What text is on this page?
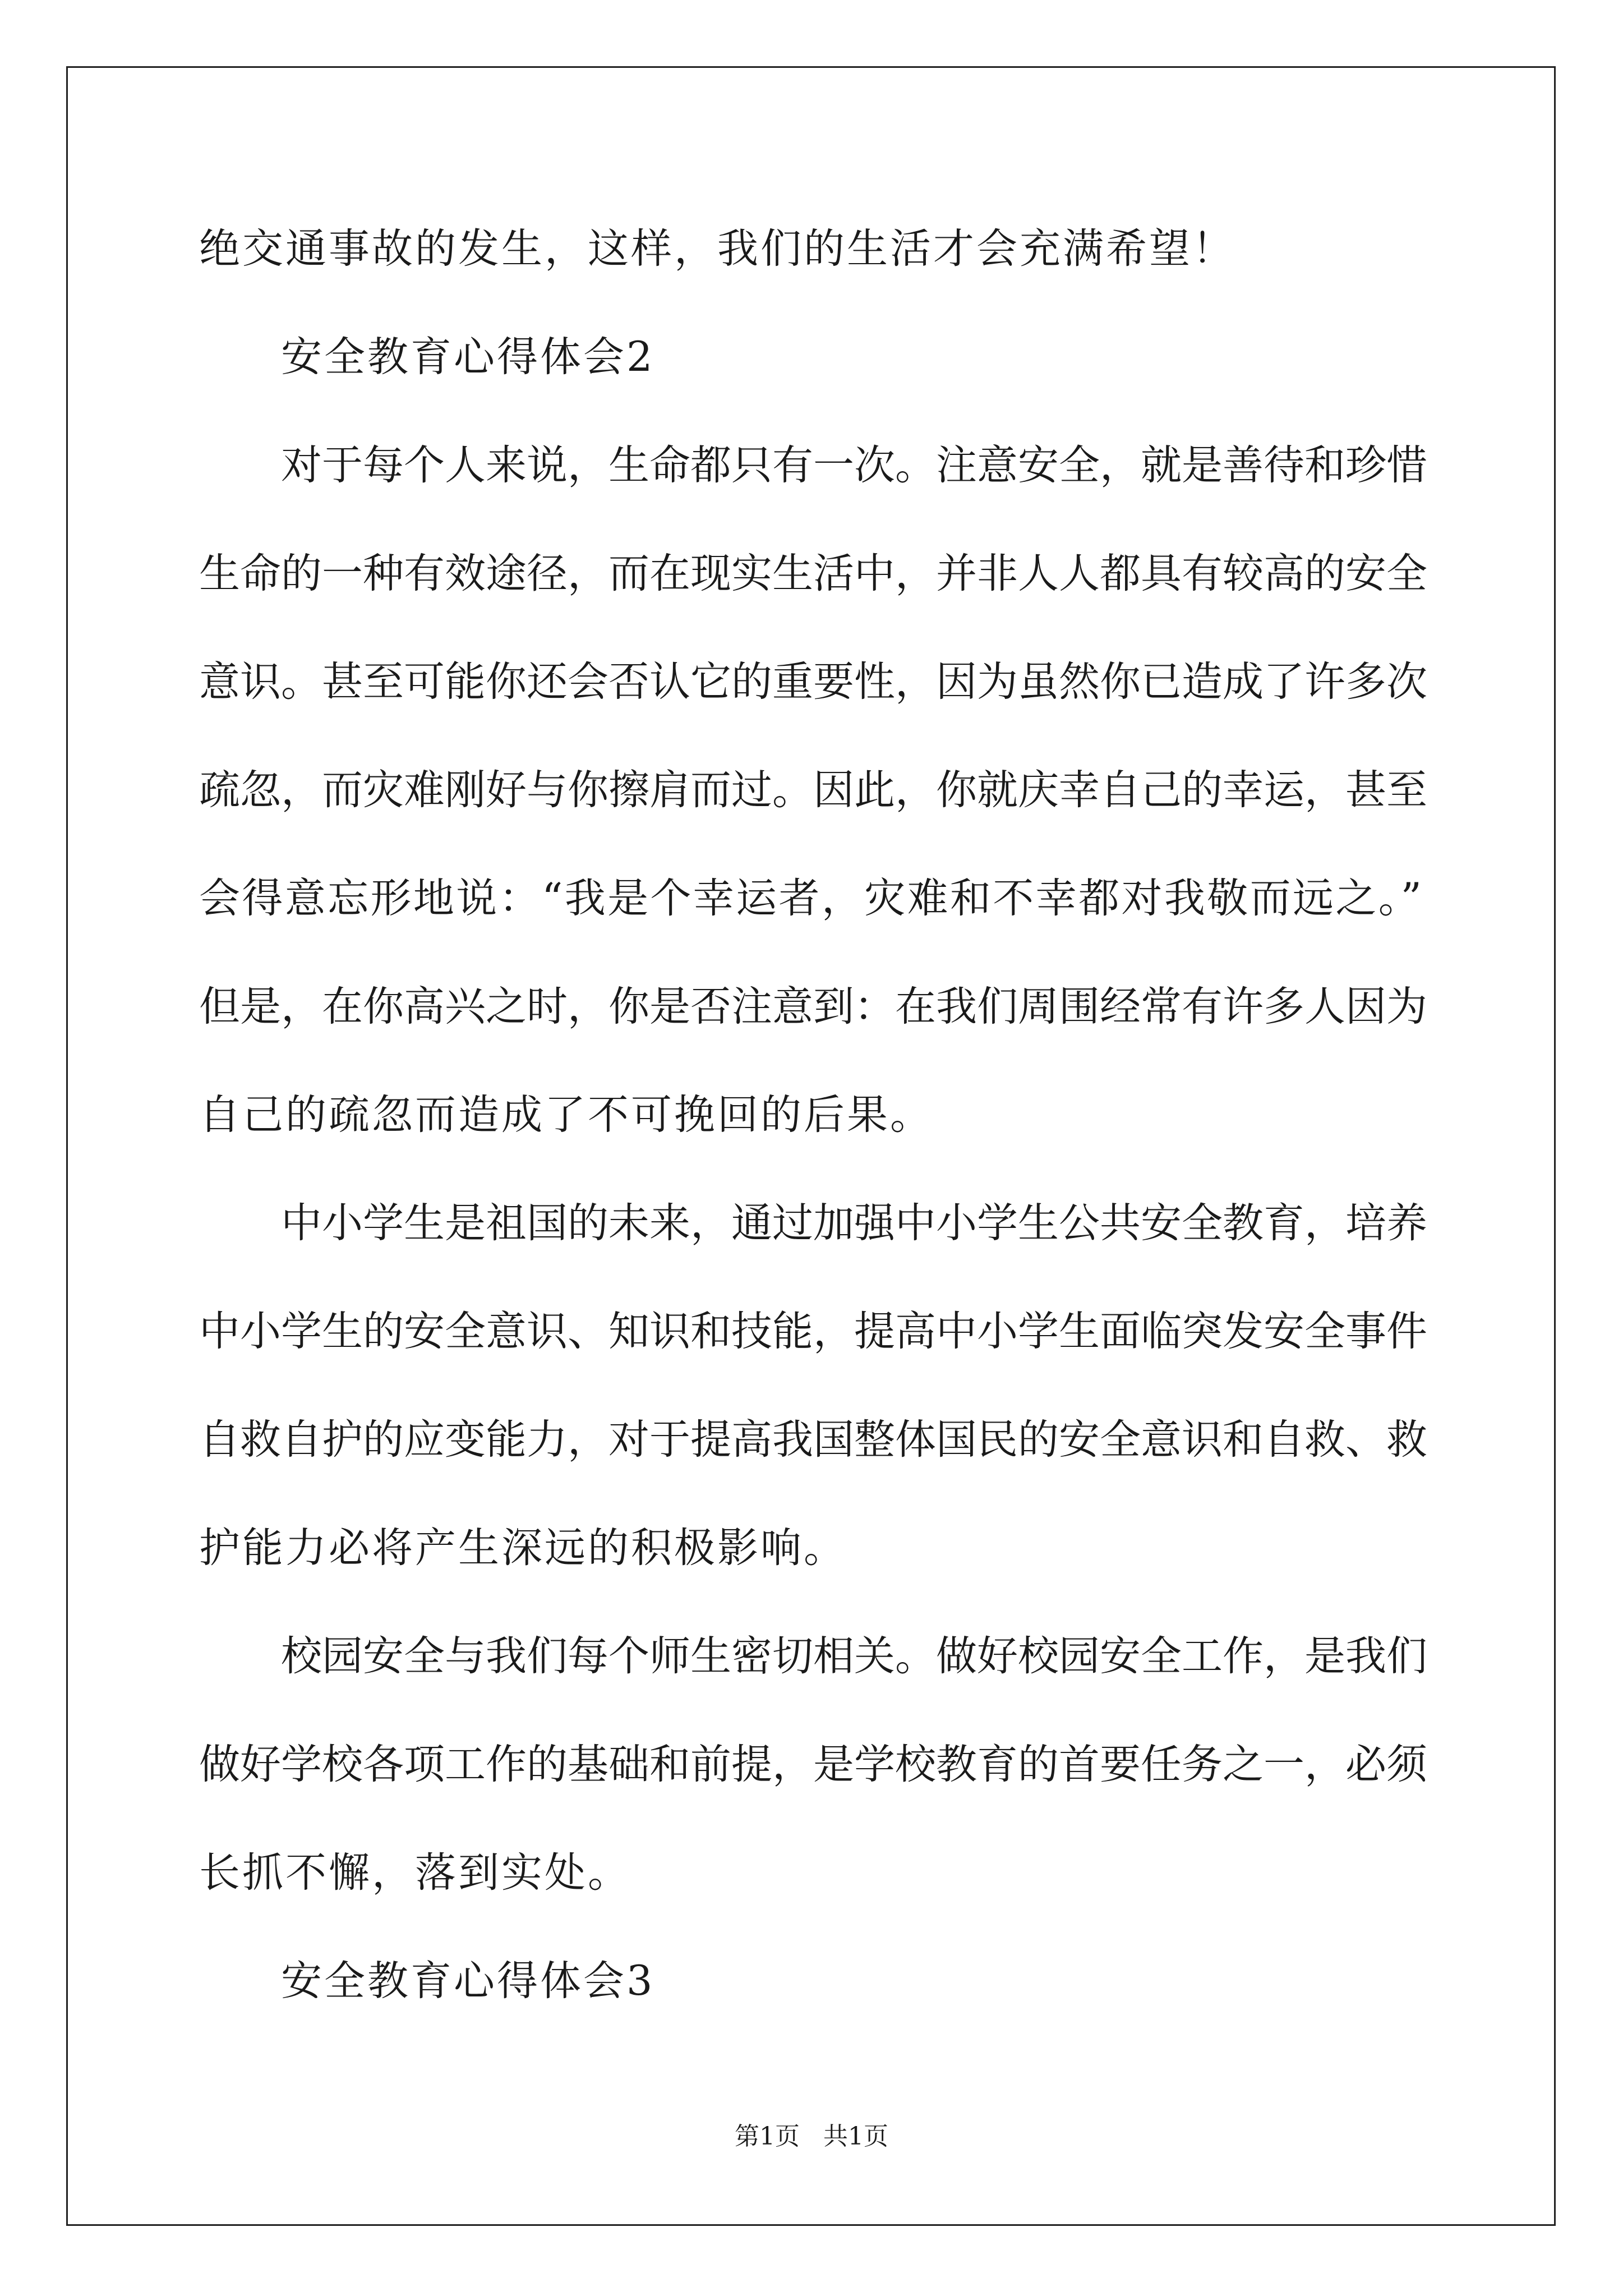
绝交通事故的发生，这样，我们的生活才会充满希望！
安全教育心得体会2
对于每个人来说，生命都只有一次。注意安全，就是善待和珍惜
生命的一种有效途径，而在现实生活中，并非人人都具有较高的安全
意识。甚至可能你还会否认它的重要性，因为虽然你已造成了许多次
疏忽，而灾难刚好与你擦肩而过。因此，你就庆幸自己的幸运，甚至
会得意忘形地说：“我是个幸运者，灾难和不幸都对我敬而远之。”
但是，在你高兴之时，你是否注意到：在我们周围经常有许多人因为
自己的疏忽而造成了不可挽回的后果。
中小学生是祖国的未来，通过加强中小学生公共安全教育，培养
中小学生的安全意识、知识和技能，提高中小学生面临突发安全事件
自救自护的应变能力，对于提高我国整体国民的安全意识和自救、救
护能力必将产生深远的积极影响。
校园安全与我们每个师生密切相关。做好校园安全工作，是我们
做好学校各项工作的基础和前提，是学校教育的首要任务之一，必须
长抓不懈，落到实处。
安全教育心得体会3
第1页   共1页
